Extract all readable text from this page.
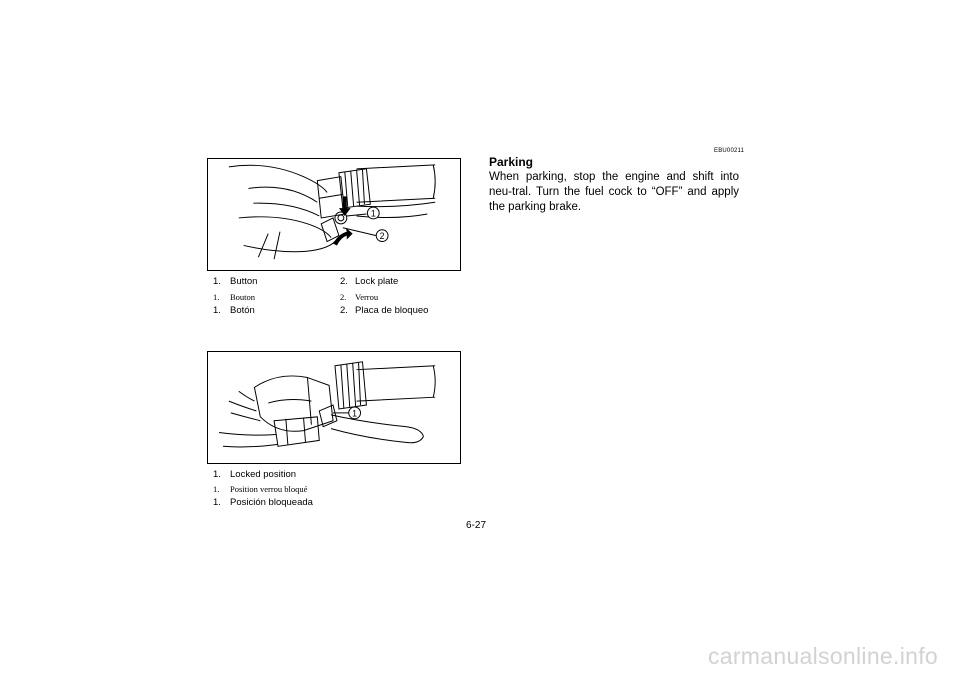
1
2
1. Button	2. Lock plate
1. Bouton	2. Verrou
1. Botón	2. Placa de bloqueo
1
1. Locked position
1. Position verrou bloqué
1. Posición bloqueada
EBU00211
Parking

When parking, stop the engine and shift into neu-tral. Turn the fuel cock to “OFF” and apply the parking brake.

6-27
carmanualsonline.info
